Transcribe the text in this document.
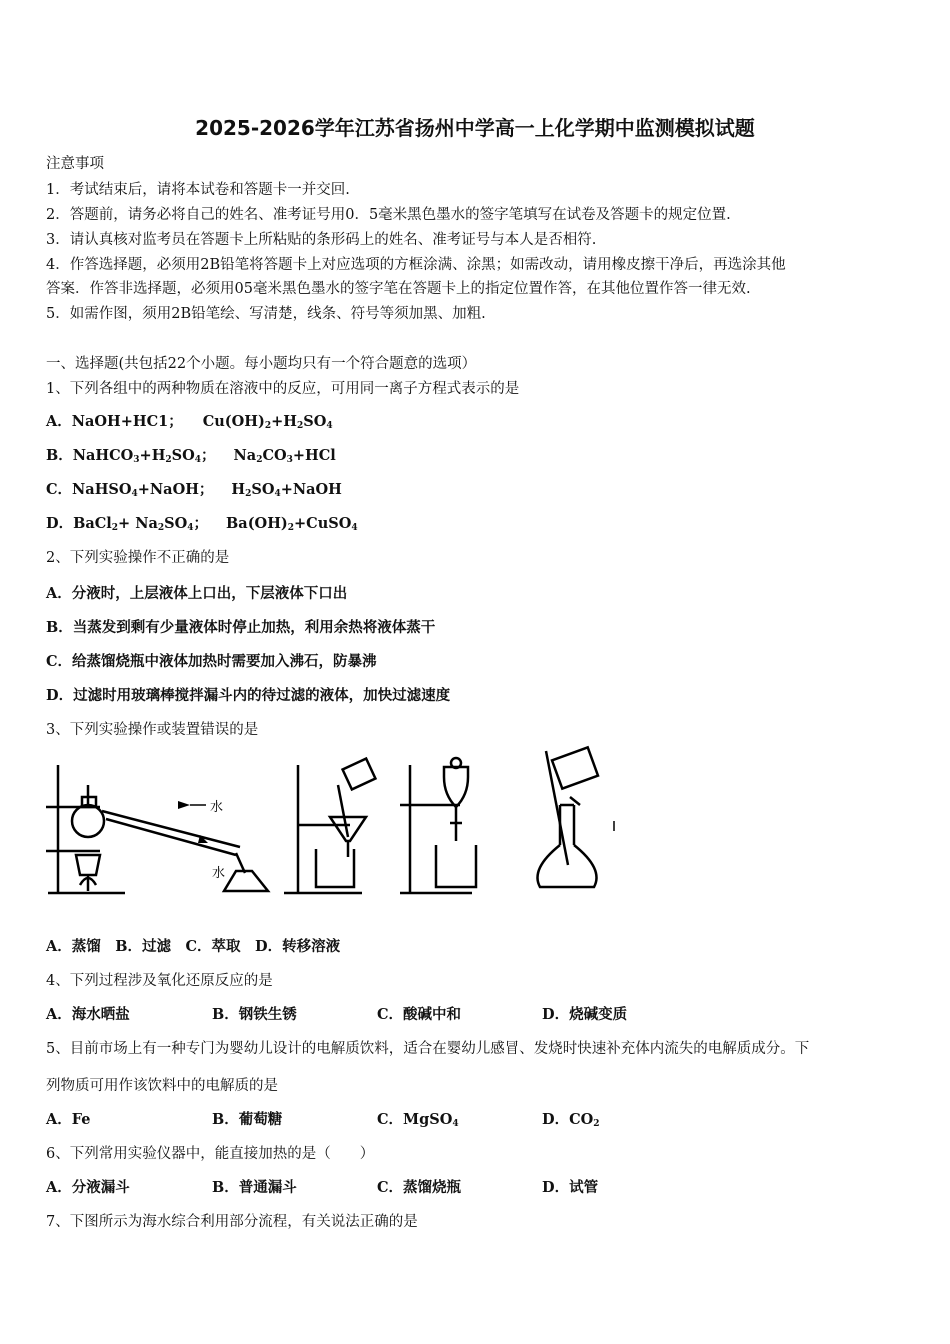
2025-2026学年江苏省扬州中学高一上化学期中监测模拟试题
注意事项
1．考试结束后，请将本试卷和答题卡一并交回.
2．答题前，请务必将自己的姓名、准考证号用0．5毫米黑色墨水的签字笔填写在试卷及答题卡的规定位置.
3．请认真核对监考员在答题卡上所粘贴的条形码上的姓名、准考证号与本人是否相符.
4．作答选择题，必须用2B铅笔将答题卡上对应选项的方框涂满、涂黑；如需改动，请用橡皮擦干净后，再选涂其他
答案．作答非选择题，必须用05毫米黑色墨水的签字笔在答题卡上的指定位置作答，在其他位置作答一律无效.
5．如需作图，须用2B铅笔绘、写清楚，线条、符号等须加黑、加粗.
一、选择题(共包括22个小题。每小题均只有一个符合题意的选项）
1、下列各组中的两种物质在溶液中的反应，可用同一离子方程式表示的是
A．NaOH+HC1； $Cu(OH)_2+H_2SO_4$
B．$NaHCO_3+H_2SO_4$； $Na_2CO_3+HCl$
C．NaHSO$_4$+NaOH； $H_2SO_4+NaOH$
D．BaCl$_2$+ $Na_2SO_4$； $Ba(OH)_2+CuSO_4$
2、下列实验操作不正确的是
A．分液时，上层液体上口出，下层液体下口出
B．当蒸发到剩有少量液体时停止加热，利用余热将液体蒸干
C．给蒸馏烧瓶中液体加热时需要加入沸石，防暴沸
D．过滤时用玻璃棒搅拌漏斗内的待过滤的液体，加快过滤速度
3、下列实验操作或装置错误的是
水
水
A．蒸馏　B．过滤　C．萃取　D．转移溶液
4、下列过程涉及氧化还原反应的是
A．海水晒盐	B．钢铁生锈	C．酸碱中和	D．烧碱变质
5、目前市场上有一种专门为婴幼儿设计的电解质饮料，适合在婴幼儿感冒、发烧时快速补充体内流失的电解质成分。下
列物质可用作该饮料中的电解质的是
A．Fe	B．葡萄糖	C．MgSO$_4$	D．$CO_2$
6、下列常用实验仪器中，能直接加热的是（　　）
A．分液漏斗	B．普通漏斗	C．蒸馏烧瓶	D．试管
7、下图所示为海水综合利用部分流程，有关说法正确的是
